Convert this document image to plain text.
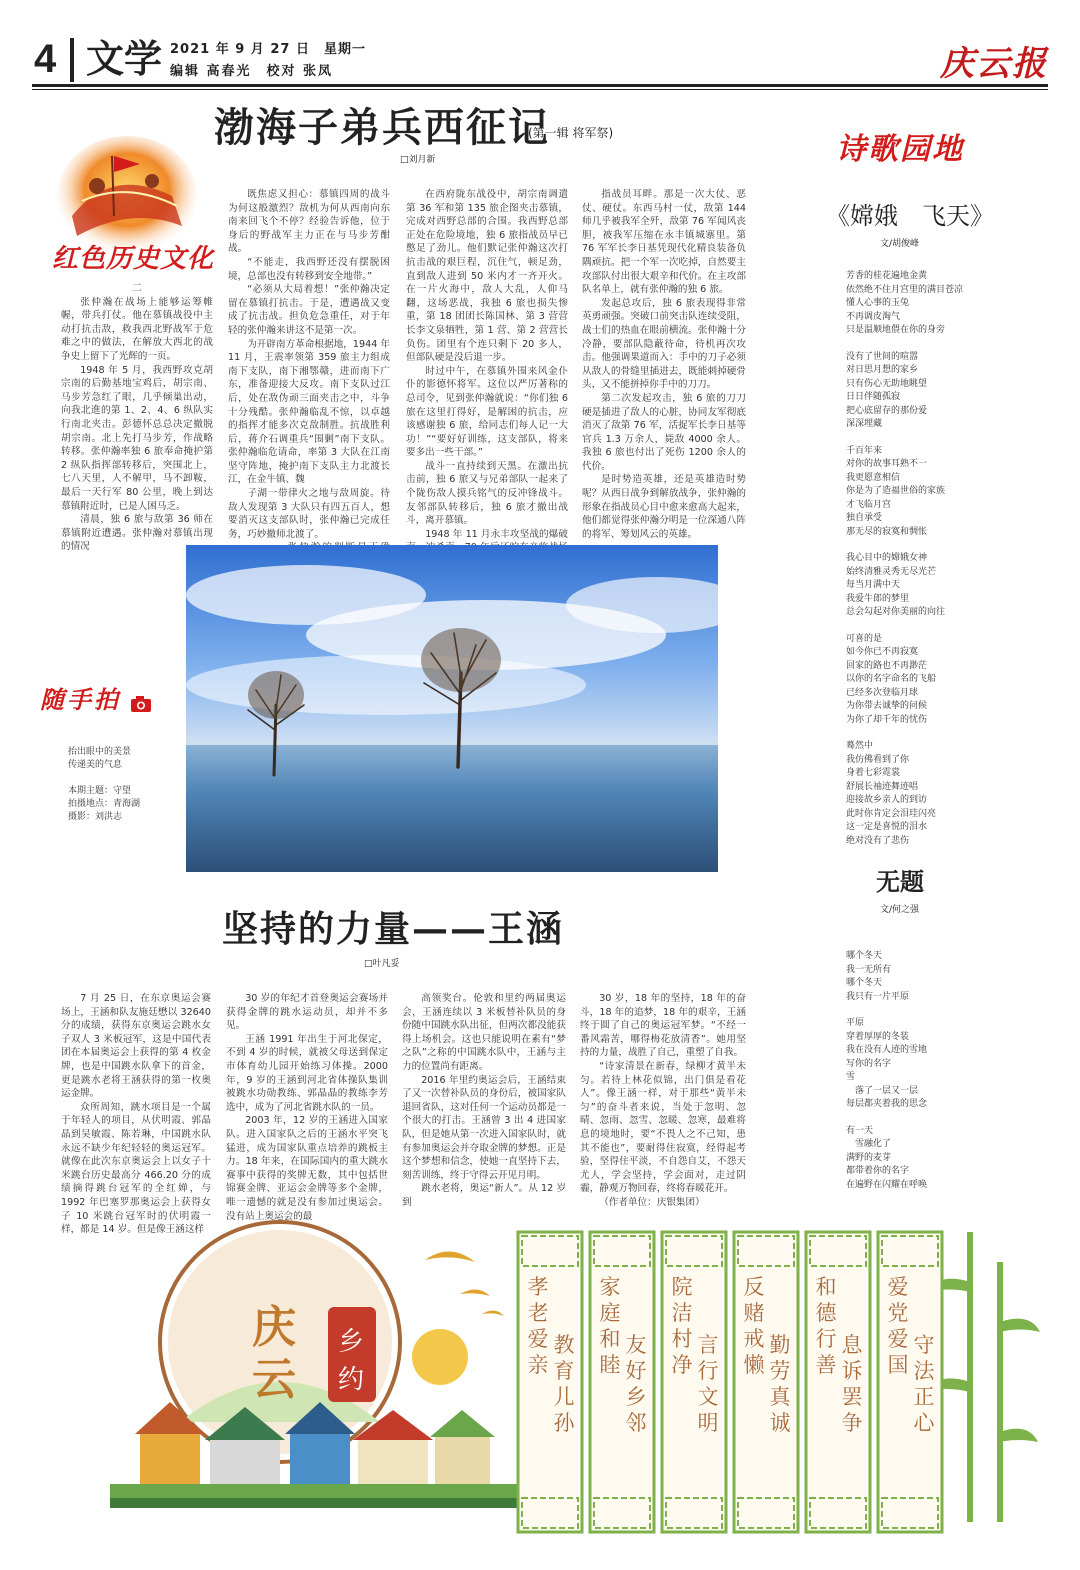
4 文学 2021 年 9 月 27 日　星期一
编辑 高春光　校对 张凤	庆云报
红色历史文化
渤海子弟兵西征记
(第一辑 将军祭)
□刘月新
二

张仲瀚在战场上能够运筹帷幄，带兵打仗。他在慕镇战役中主动打抗击敌，救我西北野战军于危难之中的做法，在解放大西北的战争史上留下了光辉的一页。

1948 年 5 月，我西野攻克胡宗南的后勤基地宝鸡后，胡宗南、马步芳急红了眼，几乎倾巢出动，向我北進的第 1、2、4、6 纵队实行南北夹击。彭德怀总总决定撤脱胡宗南。北上先打马步芳，作战略转移。张仲瀚率独 6 旅奉命掩护第 2 纵队指挥部转移后，突围北上，七八天里，人不解甲，马不卸鞍，最后一天行军 80 公里，晚上到达慕镇附近时，已是人困马乏。

清晨，独 6 旅与敌第 36 师在慕镇附近遭遇。张仲瀚对慕镇出现的情况

既焦虑又担心：慕镇四周的战斗为何这般激烈？敌机为何从西南向东南来回飞个不停？经验告诉他，位于身后的野战军主力正在与马步芳酣战。

“不能走，我西野还没有摆脱困境，总部也没有转移到安全地带。”

“必须从大局着想！”张仲瀚决定留在慕镇打抗击。于是，遭遇战又变成了抗击战。担负危急重任，对于年轻的张仲瀚来讲这不是第一次。

为开辟南方革命根据地，1944 年 11 月，王震率领第 359 旅主力组成南下支队，南下湘鄂赣，进而南下广东，准备迎接大反攻。南下支队过江后，处在敌伪顽三面夹击之中，斗争十分残酷。张仲瀚临乱不惊，以卓越的指挥才能多次克敌制胜。抗战胜利后，蒋介石调重兵“围剿”南下支队。张仲瀚临危请命，率第 3 大队在江南坚守阵地，掩护南下支队主力北渡长江，在金牛镇、魏

子湖一带律火之地与敌周旋。待敌人发现第 3 大队只有四五百人，想要消灭这支部队时，张仲瀚已完成任务，巧妙撤师北渡了。

在西府陇东战役中，胡宗南调遣第 36 军和第 135 旅企图夹击慕镇，完成对西野总部的合围。我西野总部正处在危险境地，独 6 旅指战员早已憋足了劲儿。他们默记张仲瀚这次打抗击战的艰巨程，沉住气，顿足劲，直到敌人进到 50 米内才一齐开火。在一片火海中，敌人大乱，人仰马翻，这场恶战，我独 6 旅也损失惨重，第 18 团团长陈国林、第 3 营营长李文泉牺牲，第 1 营、第 2 营营长负伤。团里有个连只剩下 20 多人，但部队硬是没后退一步。

时过中午，在慕镇外围来风金仆仆的影德怀将军。这位以严厉著称的总司令，见到张仲瀚就说：“你们独 6 旅在这里打得好，是解困的抗击，应该感谢独 6 旅，给同志们每人记一大功！”“要好好训练，这支部队，将来要多出一些干部。”

战斗一直持续到天黑。在激出抗击前，独 6 旅又与兄弟部队一起来了个陇伤敌人摸兵铭气的反冲锋战斗。友邻部队转移后，独 6 旅才撤出战斗，离开慕镇。

1948 年 11 月永丰攻坚战的爆破

指战员耳畔。那是一次大仗、恶仗、硬仗。东西马村一仗，敌第 144 师几乎被我军全歼，敌第 76 军闻风丧胆，被我军压缩在永丰镇城寨里。第 76 军军长李日基凭现代化精良装备负隅顽抗。把一个军一次吃掉，自然要主攻部队付出很大艰辛和代价。在主攻部队名单上，就有张仲瀚的独 6 旅。

发起总攻后，独 6 旅表现得非常英勇顽强。突破口前突击队连续受阻，战士们的热血在眼前横流。张仲瀚十分冷静，要部队隐蔽待命，待机再次攻击。他强调果道而入：手中的刀子必须从敌人的骨缝里插进去，既能刺掉硬骨头，又不能拼掉你手中的刀刀。

第二次发起攻击，独 6 旅的刀刀硬是插进了敌人的心脏，协同友军彻底消灭了敌第 76 军，活捉军长李日基等官兵 1.3 万余人，毙敌 4000 余人。我独 6 旅也付出了死伤 1200 余人的代价。

是时势造英雄，还是英雄造时势呢？从西日战争到解放战争，张仲瀚的形象在指战员心目中愈来愈高大起来，他们都觉得张仲瀚分明是一位深通八阵的将军、筹划风云的英雄。

诗歌园地
《嫦娥　飞天》
文/胡俊峰
芳香的桂花遍地金黄
依然绝不住月宫里的满目苍凉
懂人心事的玉兔
不再调皮淘气
只是温顺地偎在你的身旁
没有了世间的喧嚣
对日思月想的家乡
只有伤心无助地眺望
日日伴随孤寂
把心底留存的那份爱
深深埋藏
千百年来
对你的故事耳熟不一
我更愿意相信
你是为了造福世俗的家族
才飞临月宫
独自承受
那无尽的寂寞和惆怅
我心目中的嫦娥女神
始终清雅灵秀无尽光芒
每当月满中天
我爱牛郎的梦里
总会勾起对你美丽的向往
可喜的是
如今你已不再寂寞
回家的路也不再渺茫
以你的名字命名的飞船
已经多次登临月球
为你带去诚挚的问候
为你了却千年的忧伤
蓦然中
我仿佛看到了你
身着七彩霓裳
舒展长袖迹舞迹唱
迎接故乡亲人的到访
此时你肯定会泪珪闪亮
这一定是喜悦的泪水
绝对没有了悲伤
无题
文/何之强
哪个冬天
我一无所有
哪个冬天
我只有一片平原
平原
穿着厚厚的冬装
我在没有人迹的雪地
写你的名字
雪
　落了一层又一层
每层都夹着我的思念
有一天
　雪融化了
满野的麦芽
都带着你的名字
在遍野在闪耀在呼唤
随手拍
抬出眼中的美景
传递美的气息
本期主题：守望
拍摄地点：青海湖
摄影：刘洪志
坚持的力量——王涵
□叶凡妥

7 月 25 日，在东京奥运会赛场上，王涵和队友施廷懋以 32640 分的成绩，获得东京奥运会跳水女子双人 3 米板冠军，这是中国代表团在本届奥运会上获得的第 4 枚金牌，也是中国跳水队拿下的首金，更是跳水老将王涵获得的第一枚奥运金牌。

众所周知，跳水项目是一个属于年轻人的项目，从伏明霞、郭晶晶到吴敏霞、陈若琳，中国跳水队永远不缺少年纪轻轻的奥运冠军。就像在此次东京奥运会上以女子十米跳台历史最高分 466.20 分的成绩摘得跳台冠军的全红婵，与 1992 年巴塞罗那奥运会上获得女子 10 米跳台冠军时的伏明霞一样，都是 14 岁。但是像王涵这样

30 岁的年纪才首登奥运会赛场并获得金牌的跳水运动员，却并不多见。

王涵 1991 年出生于河北保定，不到 4 岁的时候，就被父母送到保定市体育幼儿园开始练习体操。2000 年，9 岁的王涵到河北省体操队集训被跳水功勋教练、郭晶晶的教练李芳选中，成为了河北省跳水队的一员。

2003 年，12 岁的王涵进入国家队。进入国家队之后的王涵水平突飞猛进，成为国家队重点培养的跳板主力。18 年来，在国际国内的重大跳水赛事中获得的奖牌无数，其中包括世锦赛金牌、亚运会金牌等多个金牌，唯一遗憾的就是没有参加过奥运会。没有站上奥运会的最

高领奖台。伦敦和里约两届奥运会，王涵连续以 3 米板替补队员的身份随中国跳水队出征，但两次都没能获得上场机会。这也只能说明在素有“梦之队”之称的中国跳水队中，王涵与主力的位置尚有距离。

2016 年里约奥运会后，王涵结束了又一次替补队员的身份后，被国家队退回省队，这对任何一个运动员都是一个很大的打击。王涵曾 3 出 4 进国家队，但是她从第一次进入国家队时，就有参加奥运会并夺取金牌的梦想。正是这个梦想和信念，使她一直坚持下去，刻苦训练，终于守得云开见月明。

跳水老将，奥运“新人”。从 12 岁到

30 岁，18 年的坚持，18 年的奋斗，18 年的追梦，18 年的艰辛，王涵终于圆了自己的奥运冠军梦。“不经一番风霜苦，哪得梅花放清香”。她用坚持的力量，战胜了自己，重塑了自我。

“诗家清景在新春，绿柳才黄半未匀。若待上林花似锦，出门俱是看花人”。像王涵一样，对于那些“黄半未匀”的奋斗者来说，当处于忽明、忽晴、忽雨、忽雪、忽暖、忽寒，最难将息的境地时，要“不畏人之不己知，患其不能也”，要耐得住寂寞，经得起考验，坚得住平淡，不自怨自艾，不怨天尤人，学会坚持，学会面对，走过阴霾，静观万物回春，终将春暖花开。

（作者单位：庆银集团）

庆
云
乡
约
孝
老
爱
亲
教
育
儿
孙
家
庭
和
睦
友
好
乡
邻
院
洁
村
净
言
行
文
明
反
赌
戒
懒
勤
劳
真
诚
和
德
行
善
息
诉
罢
争
爱
党
爱
国
守
法
正
心
